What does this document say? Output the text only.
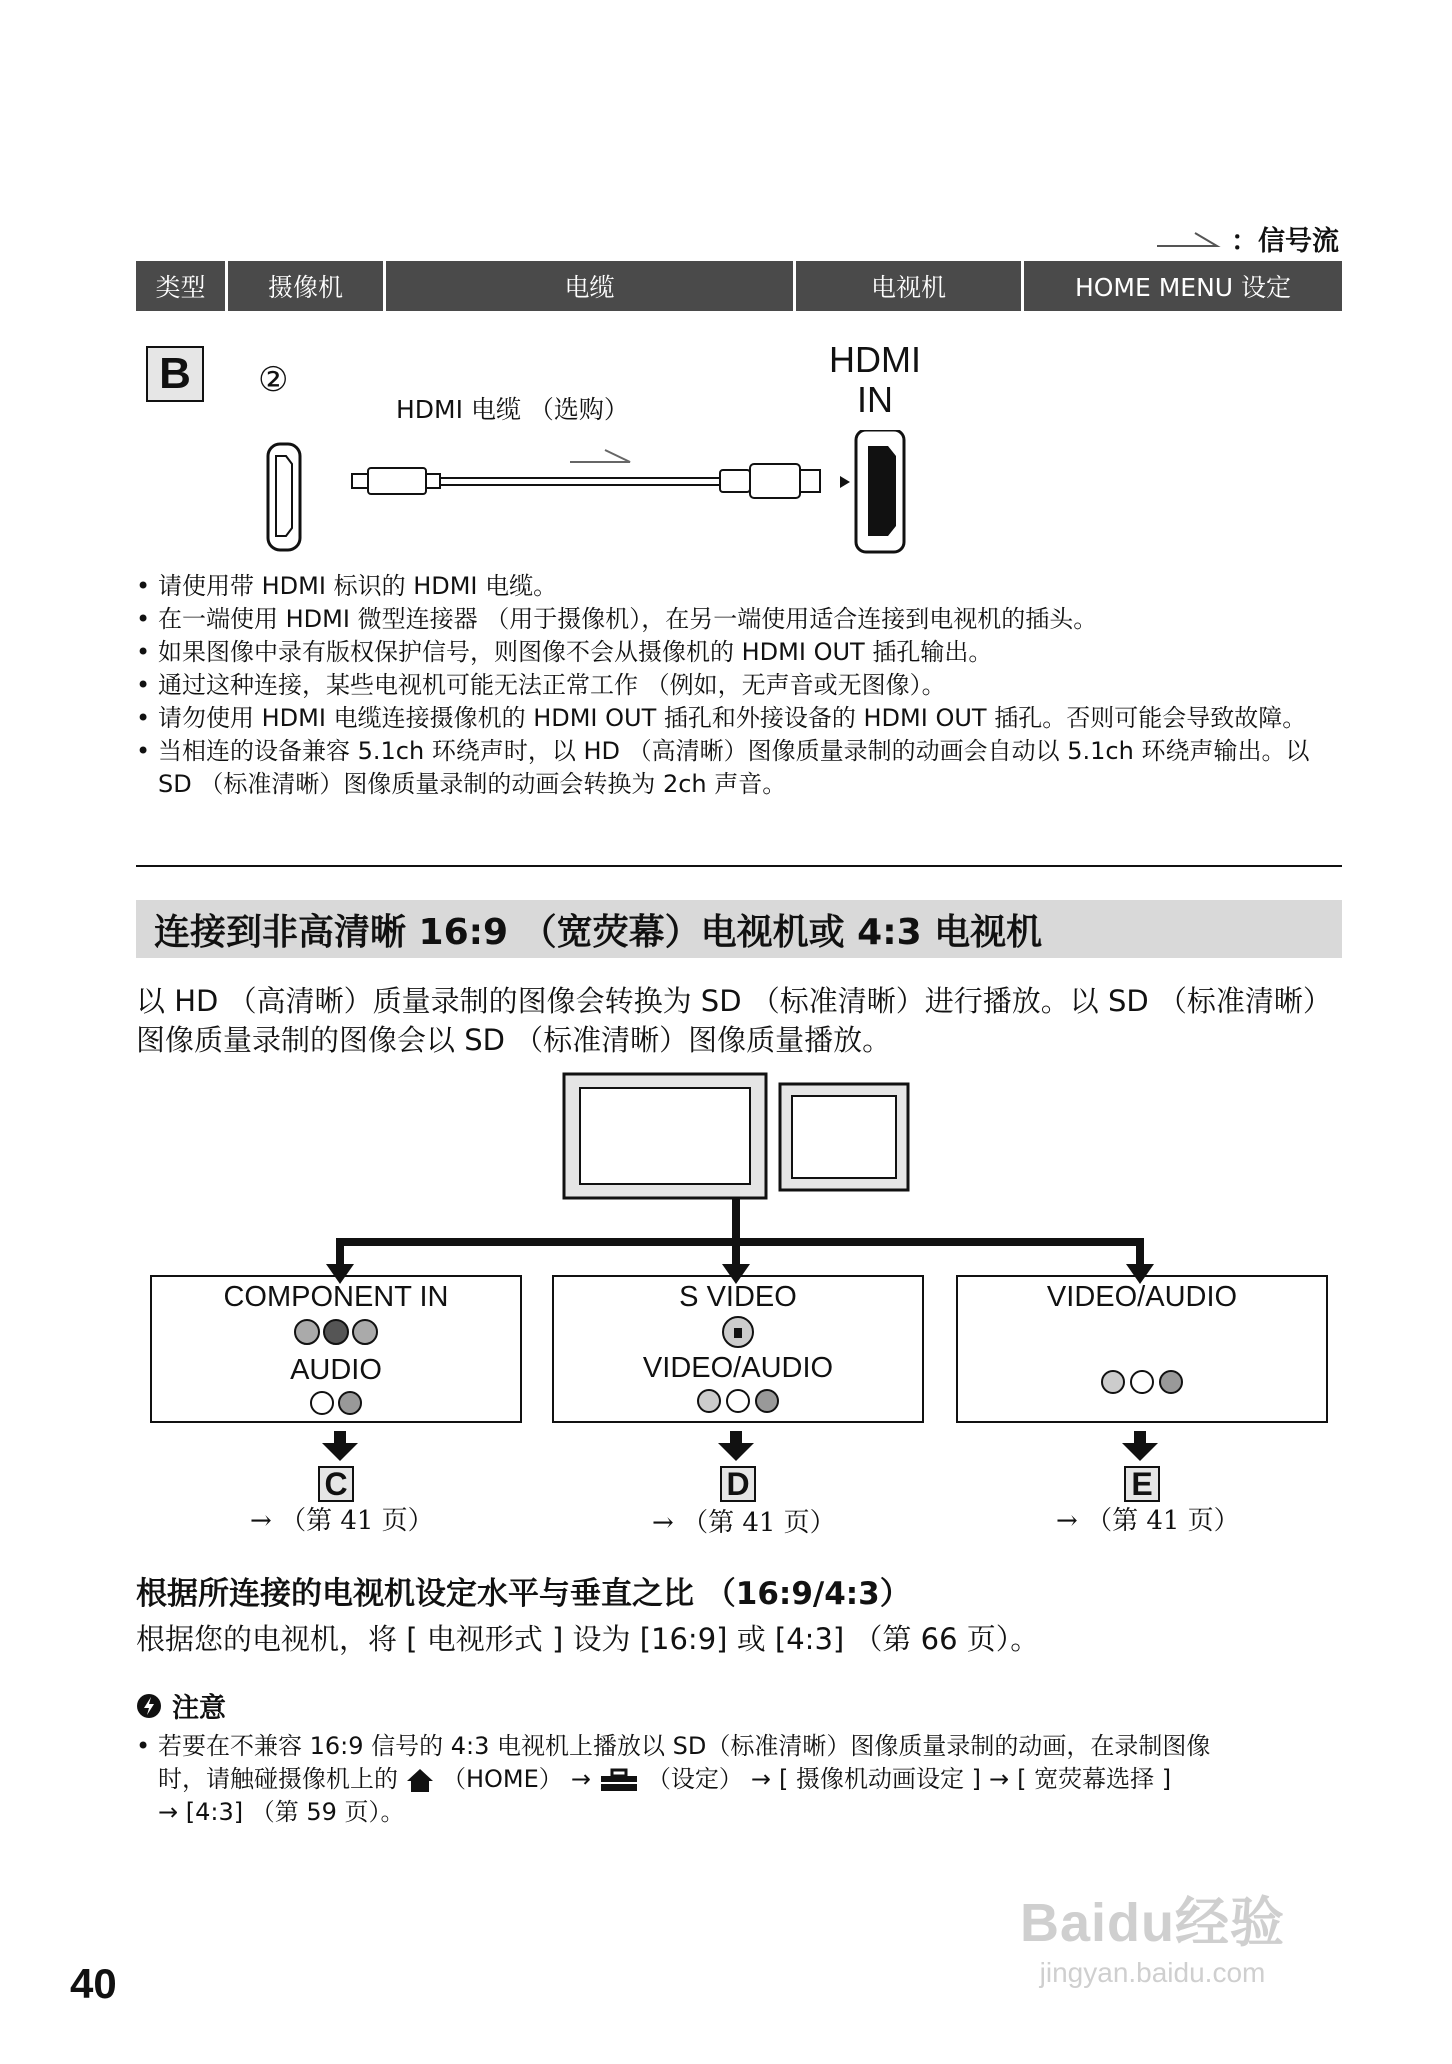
：信号流
类型	摄像机	电缆	电视机	HOME MENU 设定
B	②
HDMI 电缆 （选购）
HDMI
IN
• 请使用带 HDMI 标识的 HDMI 电缆。
• 在一端使用 HDMI 微型连接器 （用于摄像机），在另一端使用适合连接到电视机的插头。
• 如果图像中录有版权保护信号，则图像不会从摄像机的 HDMI OUT 插孔输出。
• 通过这种连接，某些电视机可能无法正常工作 （例如，无声音或无图像）。
• 请勿使用 HDMI 电缆连接摄像机的 HDMI OUT 插孔和外接设备的 HDMI OUT 插孔。否则可能会导致故障。
• 当相连的设备兼容 5.1ch 环绕声时，以 HD （高清晰）图像质量录制的动画会自动以 5.1ch 环绕声输出。以 SD （标准清晰）图像质量录制的动画会转换为 2ch 声音。
连接到非高清晰 16:9 （宽荧幕）电视机或 4:3 电视机
以 HD （高清晰）质量录制的图像会转换为 SD （标准清晰）进行播放。以 SD （标准清晰）图像质量录制的图像会以 SD （标准清晰）图像质量播放。
COMPONENT IN
AUDIO
S VIDEO
VIDEO/AUDIO
VIDEO/AUDIO
C	D	E
→ （第 41 页）	→ （第 41 页）	→ （第 41 页）
根据所连接的电视机设定水平与垂直之比 （16:9/4:3）
根据您的电视机，将 [ 电视形式 ] 设为 [16:9] 或 [4:3] （第 66 页）。
注意
• 若要在不兼容 16:9 信号的 4:3 电视机上播放以 SD（标准清晰）图像质量录制的动画，在录制图像
时，请触碰摄像机上的 （HOME） → （设定） → [ 摄像机动画设定 ] → [ 宽荧幕选择 ]
→ [4:3] （第 59 页）。
40
Baidu经验
jingyan.baidu.com
